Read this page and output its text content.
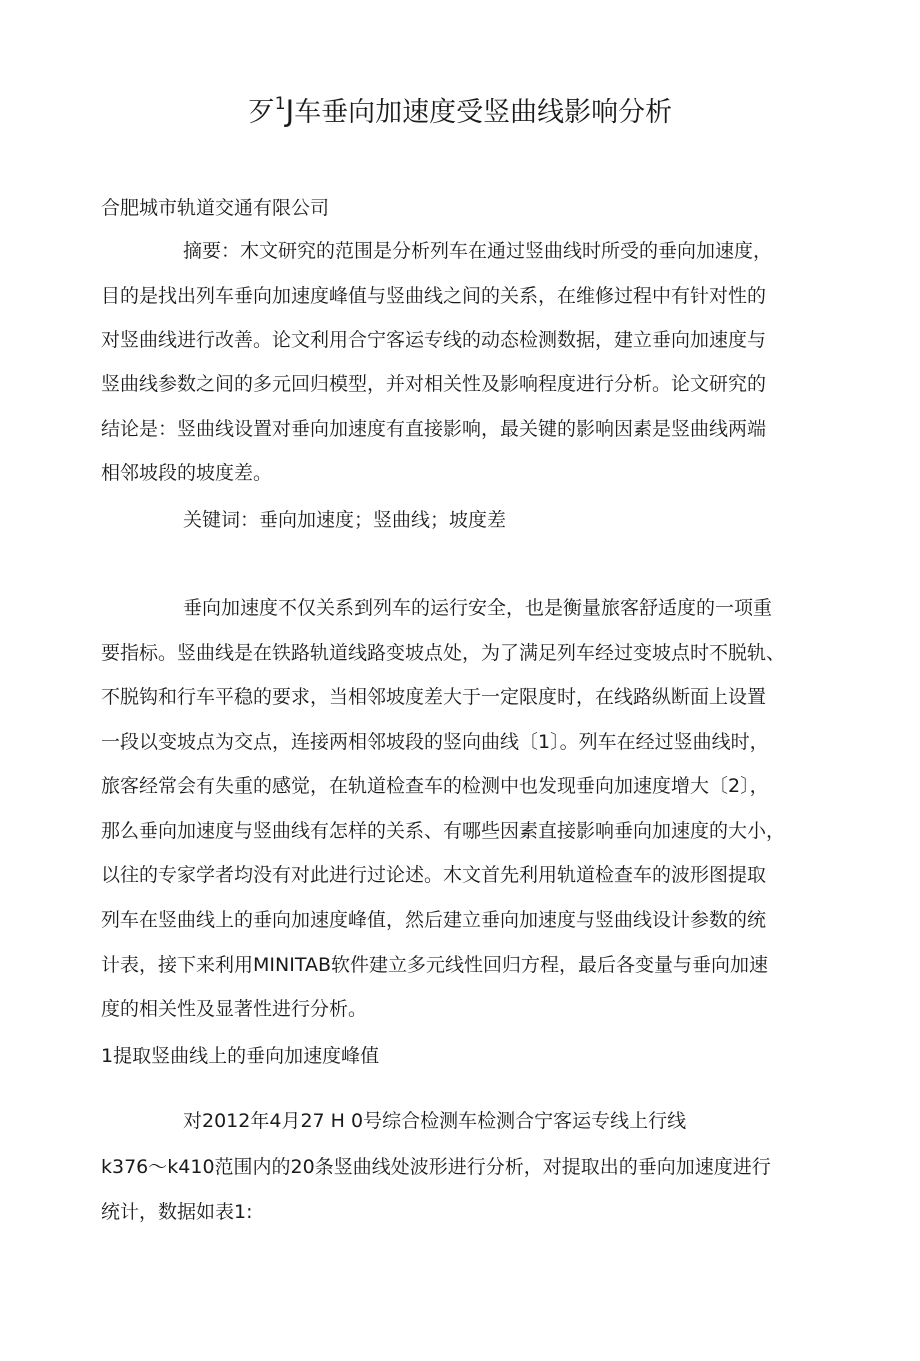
歹$^1$J车垂向加速度受竖曲线影响分析
合肥城市轨道交通有限公司
摘要：木文研究的范围是分析列车在通过竖曲线时所受的垂向加速度，
目的是找出列车垂向加速度峰值与竖曲线之间的关系，在维修过程中有针对性的
对竖曲线进行改善。论文利用合宁客运专线的动态检测数据，建立垂向加速度与
竖曲线参数之间的多元回归模型，并对相关性及影响程度进行分析。论文研究的
结论是：竖曲线设置对垂向加速度有直接影响，最关键的影响因素是竖曲线两端
相邻坡段的坡度差。
关键词：垂向加速度；竖曲线；坡度差
垂向加速度不仅关系到列车的运行安全，也是衡量旅客舒适度的一项重
要指标。竖曲线是在铁路轨道线路变坡点处，为了满足列车经过变坡点时不脱轨、
不脱钩和行车平稳的要求，当相邻坡度差大于一定限度时，在线路纵断面上设置
一段以变坡点为交点，连接两相邻坡段的竖向曲线〔1〕。列车在经过竖曲线时，
旅客经常会有失重的感觉，在轨道检查车的检测中也发现垂向加速度增大〔2〕，
那么垂向加速度与竖曲线有怎样的关系、有哪些因素直接影响垂向加速度的大小，
以往的专家学者均没有对此进行过论述。木文首先利用轨道检查车的波形图提取
列车在竖曲线上的垂向加速度峰值，然后建立垂向加速度与竖曲线设计参数的统
计表，接下来利用MINITAB软件建立多元线性回归方程，最后各变量与垂向加速
度的相关性及显著性进行分析。
1提取竖曲线上的垂向加速度峰值
对2012年4月27 H 0号综合检测车检测合宁客运专线上行线
k376～k410范围内的20条竖曲线处波形进行分析，对提取出的垂向加速度进行
统计，数据如表1:
